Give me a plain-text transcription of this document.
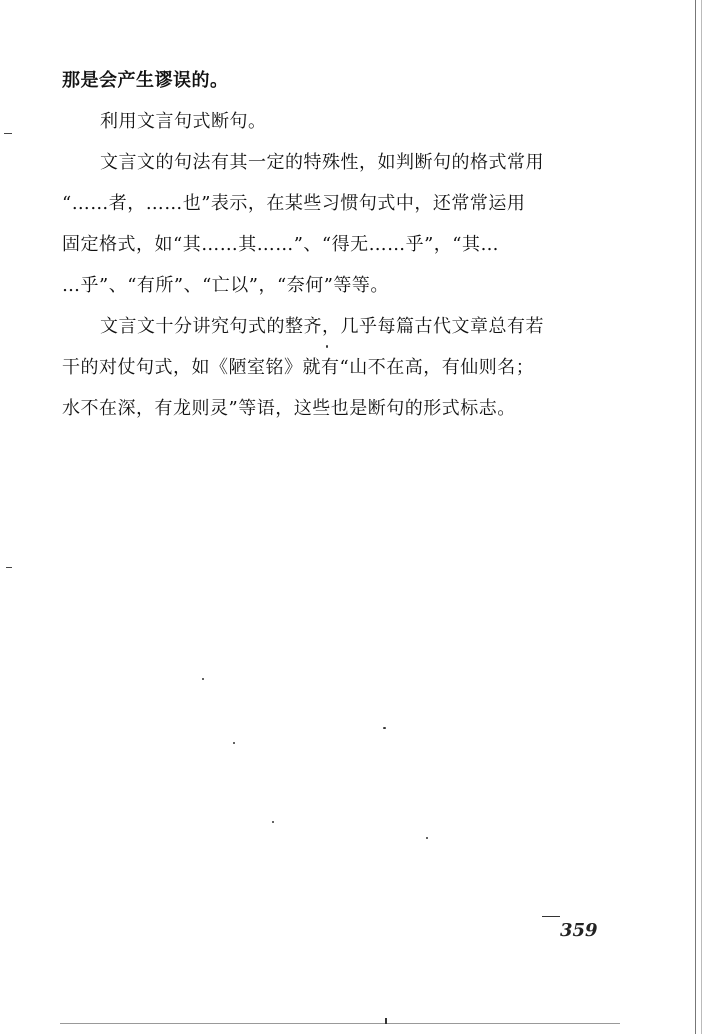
那是会产生谬误的。
利用文言句式断句。
文言文的句法有其一定的特殊性，如判断句的格式常用
“……者，……也”表示，在某些习惯句式中，还常常运用
固定格式，如“其……其……”、“得无……乎”，“其…
…乎”、“有所”、“亡以”，“奈何”等等。
文言文十分讲究句式的整齐，几乎每篇古代文章总有若
干的对仗句式，如《陋室铭》就有“山不在高，有仙则名；
水不在深，有龙则灵”等语，这些也是断句的形式标志。
359
